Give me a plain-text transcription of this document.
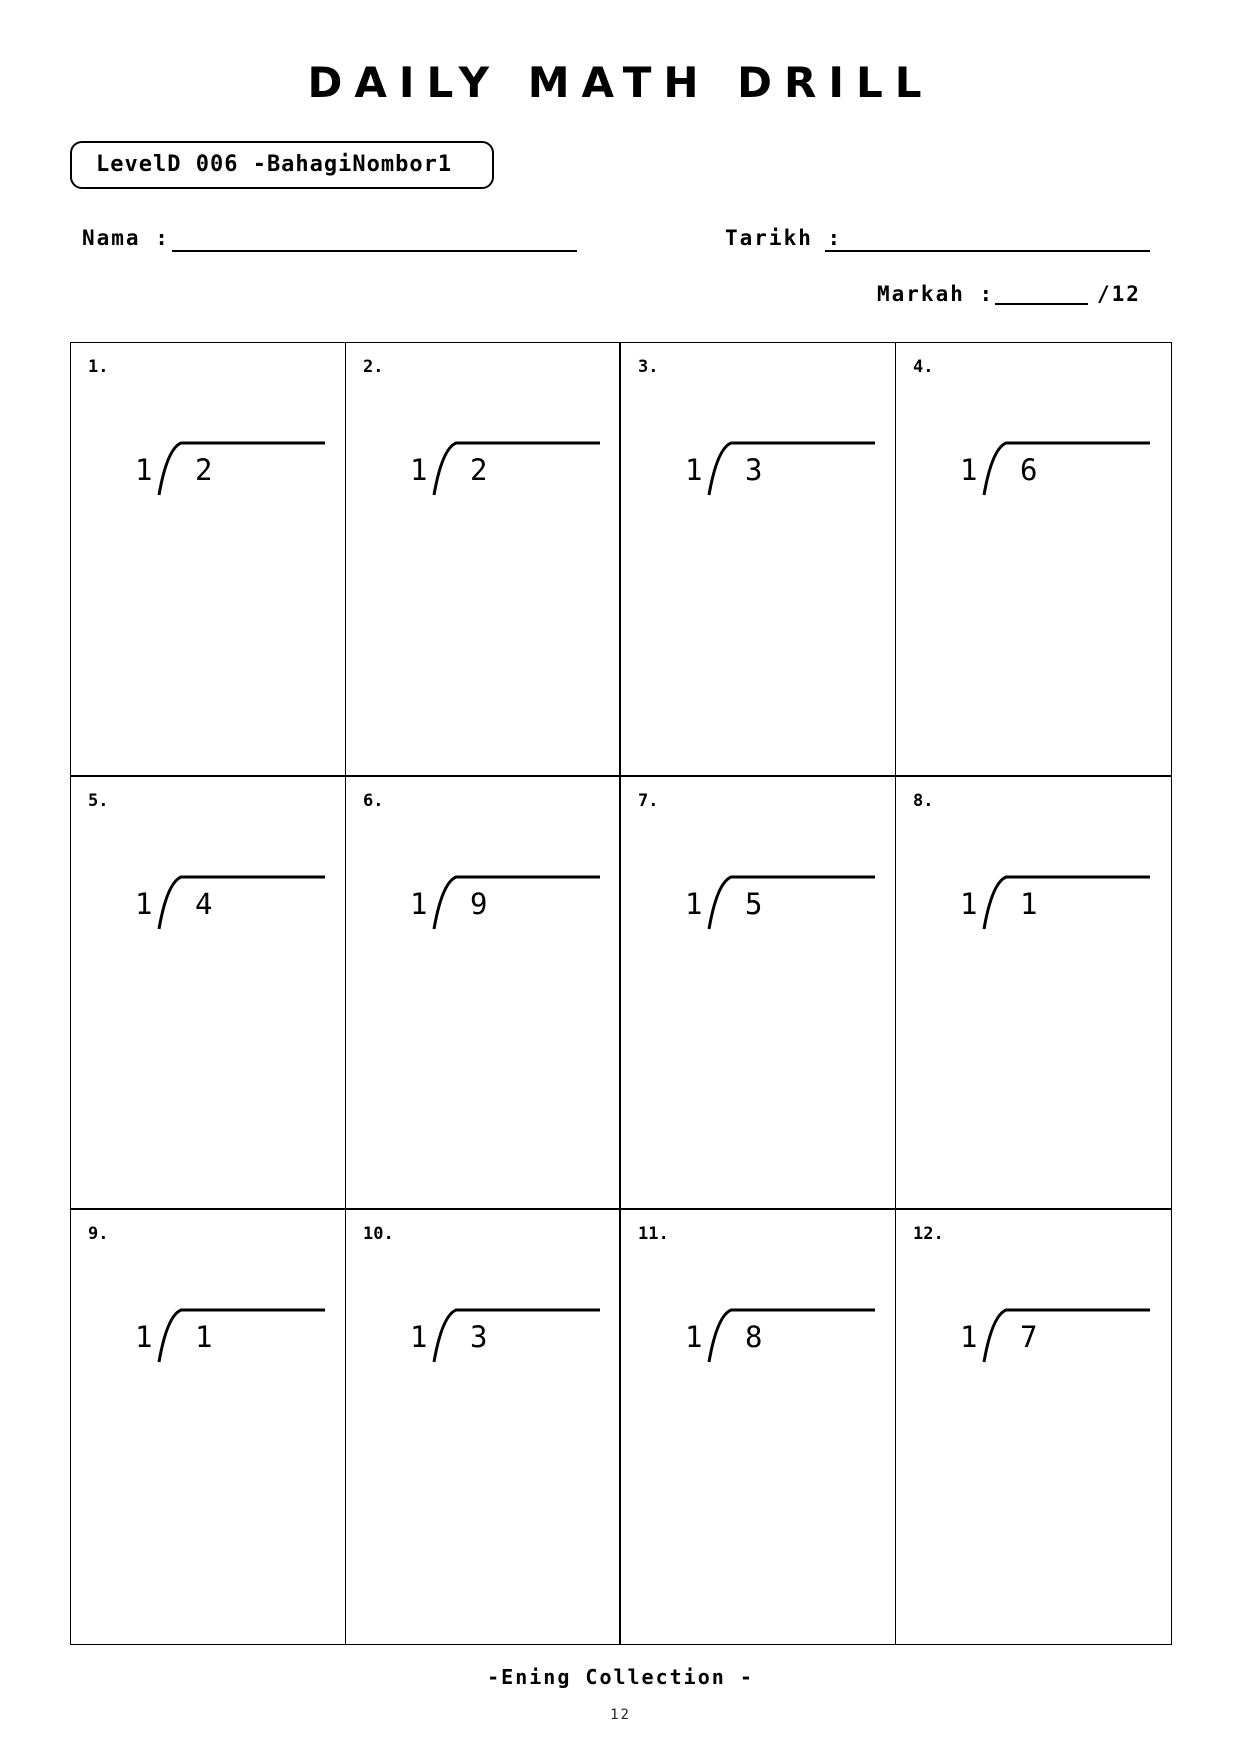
DAILY MATH DRILL
LevelD 006 -BahagiNombor1
Nama :	Tarikh :
Markah :	/12
1.
1 2
2.
1 2
3.
1 3
4.
1 6
5.
1 4
6.
1 9
7.
1 5
8.
1 1
9.
1 1
10.
1 3
11.
1 8
12.
1 7
-Ening Collection -
12
